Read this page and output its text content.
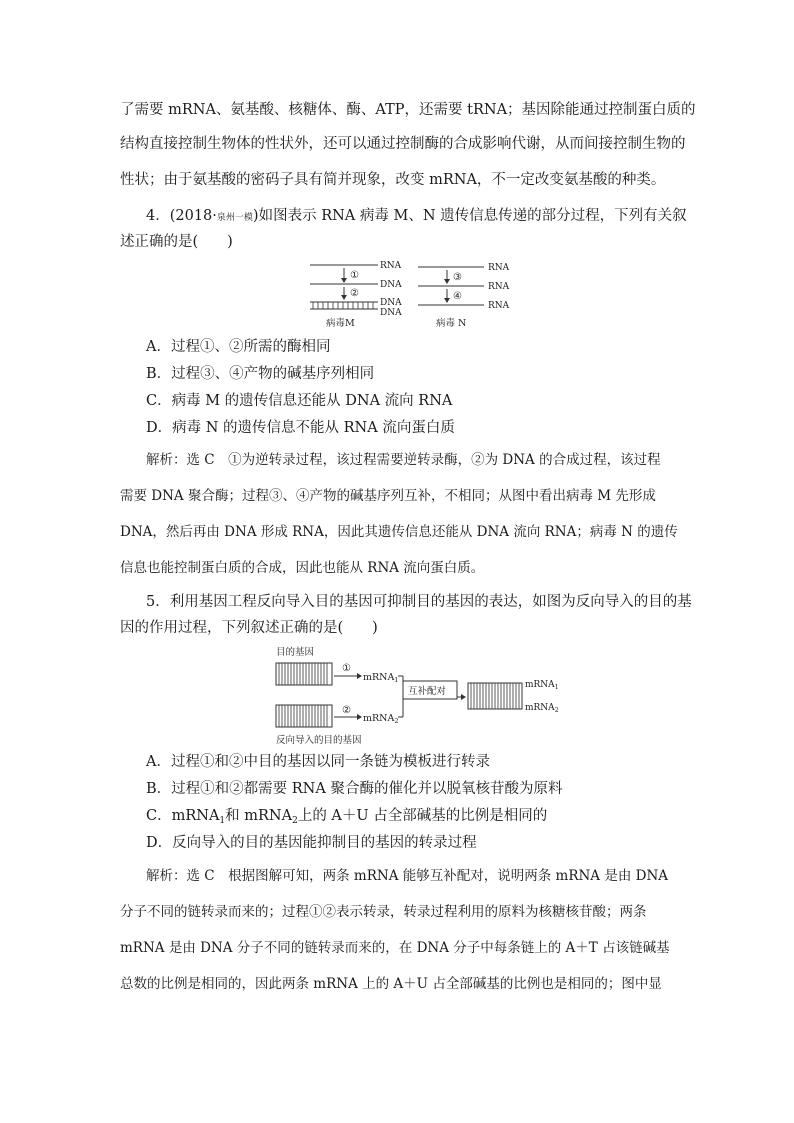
了需要 mRNA、氨基酸、核糖体、酶、ATP，还需要 tRNA；基因除能通过控制蛋白质的
结构直接控制生物体的性状外，还可以通过控制酶的合成影响代谢，从而间接控制生物的
性状；由于氨基酸的密码子具有简并现象，改变 mRNA，不一定改变氨基酸的种类。
4．(2018·泉州一模)如图表示 RNA 病毒 M、N 遗传信息传递的部分过程，下列有关叙
述正确的是(　　)
RNA
①
DNA
②
DNA
DNA
病毒M
RNA
③
RNA
④
RNA
病毒 N
A．过程①、②所需的酶相同
B．过程③、④产物的碱基序列相同
C．病毒 M 的遗传信息还能从 DNA 流向 RNA
D．病毒 N 的遗传信息不能从 RNA 流向蛋白质
解析：选 C　①为逆转录过程，该过程需要逆转录酶，②为 DNA 的合成过程，该过程
需要 DNA 聚合酶；过程③、④产物的碱基序列互补，不相同；从图中看出病毒 M 先形成
DNA，然后再由 DNA 形成 RNA，因此其遗传信息还能从 DNA 流向 RNA；病毒 N 的遗传
信息也能控制蛋白质的合成，因此也能从 RNA 流向蛋白质。
5．利用基因工程反向导入目的基因可抑制目的基因的表达，如图为反向导入的目的基
因的作用过程，下列叙述正确的是(　　)
目的基因
①
mRNA$_1$
②
mRNA$_2$
反向导入的目的基因
互补配对
mRNA$_1$
mRNA$_2$
A．过程①和②中目的基因以同一条链为模板进行转录
B．过程①和②都需要 RNA 聚合酶的催化并以脱氧核苷酸为原料
C．mRNA$_1$和 mRNA$_2$上的 A＋U 占全部碱基的比例是相同的
D．反向导入的目的基因能抑制目的基因的转录过程
解析：选 C　根据图解可知，两条 mRNA 能够互补配对，说明两条 mRNA 是由 DNA
分子不同的链转录而来的；过程①②表示转录，转录过程利用的原料为核糖核苷酸；两条
mRNA 是由 DNA 分子不同的链转录而来的，在 DNA 分子中每条链上的 A＋T 占该链碱基
总数的比例是相同的，因此两条 mRNA 上的 A＋U 占全部碱基的比例也是相同的；图中显
